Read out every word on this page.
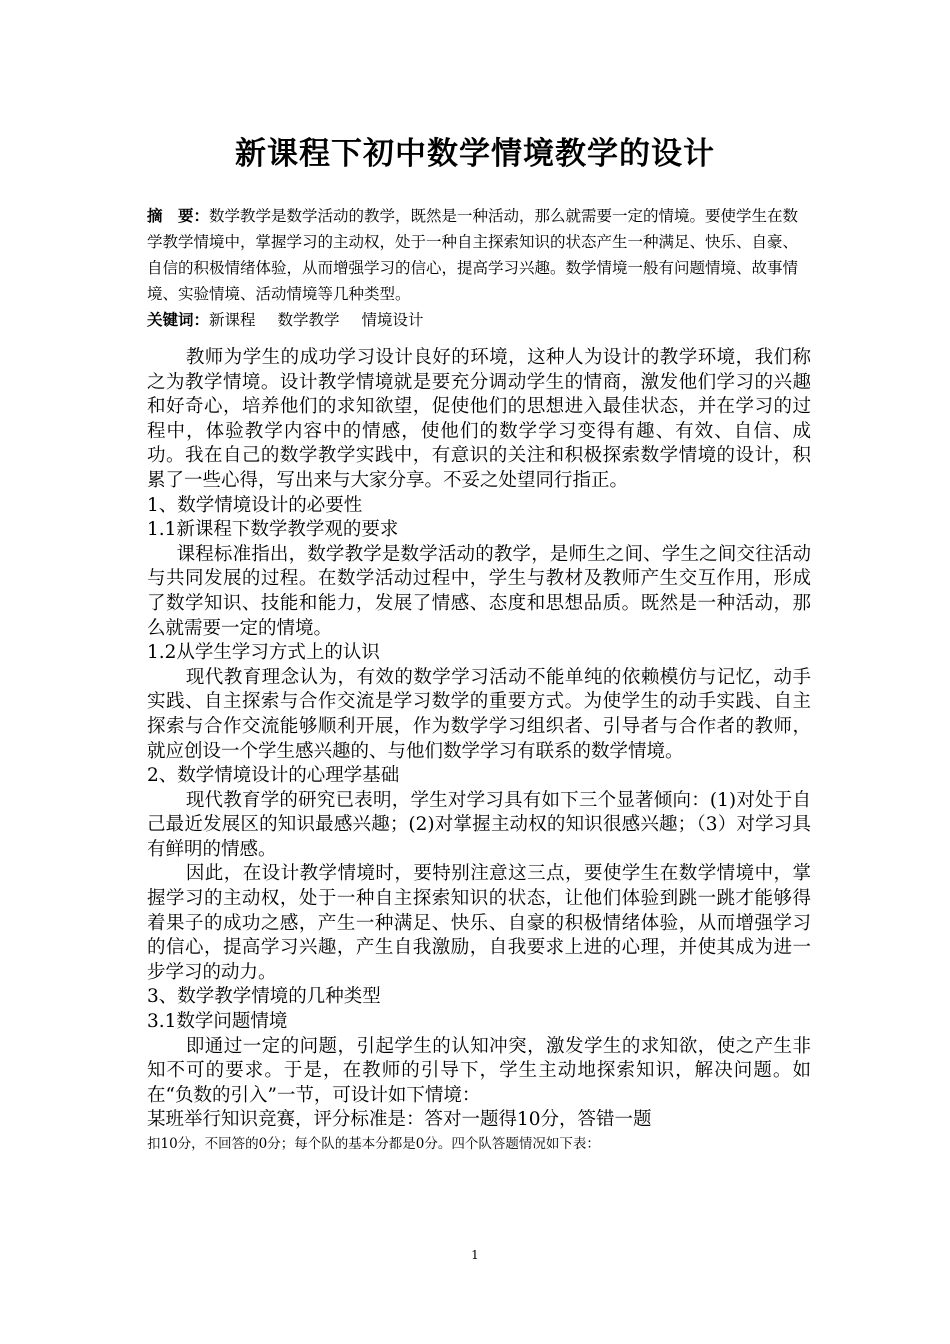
新课程下初中数学情境教学的设计
摘　要：数学教学是数学活动的教学，既然是一种活动，那么就需要一定的情境。要使学生在数学教学情境中，掌握学习的主动权，处于一种自主探索知识的状态产生一种满足、快乐、自豪、自信的积极情绪体验，从而增强学习的信心，提高学习兴趣。数学情境一般有问题情境、故事情境、实验情境、活动情境等几种类型。
关键词：新课程 数学教学 情境设计

教师为学生的成功学习设计良好的环境，这种人为设计的教学环境，我们称之为教学情境。设计教学情境就是要充分调动学生的情商，激发他们学习的兴趣和好奇心，培养他们的求知欲望，促使他们的思想进入最佳状态，并在学习的过程中，体验教学内容中的情感，使他们的数学学习变得有趣、有效、自信、成功。我在自己的数学教学实践中，有意识的关注和积极探索数学情境的设计，积累了一些心得，写出来与大家分享。不妥之处望同行指正。

1、数学情境设计的必要性

1.1新课程下数学教学观的要求

课程标准指出，数学教学是数学活动的教学，是师生之间、学生之间交往活动与共同发展的过程。在数学活动过程中，学生与教材及教师产生交互作用，形成了数学知识、技能和能力，发展了情感、态度和思想品质。既然是一种活动，那么就需要一定的情境。

1.2从学生学习方式上的认识

现代教育理念认为，有效的数学学习活动不能单纯的依赖模仿与记忆，动手实践、自主探索与合作交流是学习数学的重要方式。为使学生的动手实践、自主探索与合作交流能够顺利开展，作为数学学习组织者、引导者与合作者的教师，就应创设一个学生感兴趣的、与他们数学学习有联系的数学情境。

2、数学情境设计的心理学基础

现代教育学的研究已表明，学生对学习具有如下三个显著倾向：(1)对处于自己最近发展区的知识最感兴趣；(2)对掌握主动权的知识很感兴趣；（3）对学习具有鲜明的情感。

因此，在设计教学情境时，要特别注意这三点，要使学生在数学情境中，掌握学习的主动权，处于一种自主探索知识的状态，让他们体验到跳一跳才能够得着果子的成功之感，产生一种满足、快乐、自豪的积极情绪体验，从而增强学习的信心，提高学习兴趣，产生自我激励，自我要求上进的心理，并使其成为进一步学习的动力。

3、数学教学情境的几种类型

3.1数学问题情境

即通过一定的问题，引起学生的认知冲突，激发学生的求知欲，使之产生非知不可的要求。于是，在教师的引导下，学生主动地探索知识，解决问题。如在“负数的引入”一节，可设计如下情境：

某班举行知识竞赛，评分标准是：答对一题得10分，答错一题

扣10分，不回答的0分；每个队的基本分都是0分。四个队答题情况如下表：

1
